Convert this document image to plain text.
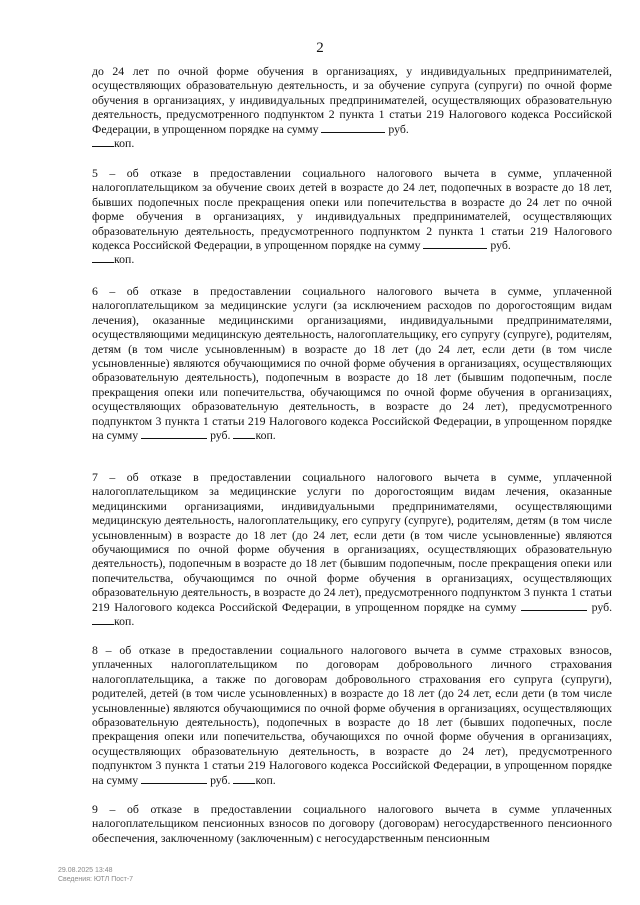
2

до 24 лет по очной форме обучения в организациях, у индивидуальных предпринимателей, осуществляющих образовательную деятельность, и за обучение супруга (супруги) по очной форме обучения в организациях, у индивидуальных предпринимателей, осуществляющих образовательную деятельность, предусмотренного подпунктом 2 пункта 1 статьи 219 Налогового кодекса Российской Федерации, в упрощенном порядке на сумму	руб.
коп.

5 – об отказе в предоставлении социального налогового вычета в сумме, уплаченной налогоплательщиком за обучение своих детей в возрасте до 24 лет, подопечных в возрасте до 18 лет, бывших подопечных после прекращения опеки или попечительства в возрасте до 24 лет по очной форме обучения в организациях, у индивидуальных предпринимателей, осуществляющих образовательную деятельность, предусмотренного подпунктом 2 пункта 1 статьи 219 Налогового кодекса Российской Федерации, в упрощенном порядке на сумму	руб.
коп.

6 – об отказе в предоставлении социального налогового вычета в сумме, уплаченной налогоплательщиком за медицинские услуги (за исключением расходов по дорогостоящим видам лечения), оказанные медицинскими организациями, индивидуальными предпринимателями, осуществляющими медицинскую деятельность, налогоплательщику, его супругу (супруге), родителям, детям (в том числе усыновленным) в возрасте до 18 лет (до 24 лет, если дети (в том числе усыновленные) являются обучающимися по очной форме обучения в организациях, осуществляющих образовательную деятельность), подопечным в возрасте до 18 лет (бывшим подопечным, после прекращения опеки или попечительства, обучающимся по очной форме обучения в организациях, осуществляющих образовательную деятельность, в возрасте до 24 лет), предусмотренного подпунктом 3 пункта 1 статьи 219 Налогового кодекса Российской Федерации, в упрощенном порядке на сумму	руб. коп.

7 – об отказе в предоставлении социального налогового вычета в сумме, уплаченной налогоплательщиком за медицинские услуги по дорогостоящим видам лечения, оказанные медицинскими организациями, индивидуальными предпринимателями, осуществляющими медицинскую деятельность, налогоплательщику, его супругу (супруге), родителям, детям (в том числе усыновленным) в возрасте до 18 лет (до 24 лет, если дети (в том числе усыновленные) являются обучающимися по очной форме обучения в организациях, осуществляющих образовательную деятельность), подопечным в возрасте до 18 лет (бывшим подопечным, после прекращения опеки или попечительства, обучающимся по очной форме обучения в организациях, осуществляющих образовательную деятельность, в возрасте до 24 лет), предусмотренного подпунктом 3 пункта 1 статьи 219 Налогового кодекса Российской Федерации, в упрощенном порядке на сумму	руб. коп.

8 – об отказе в предоставлении социального налогового вычета в сумме страховых взносов, уплаченных налогоплательщиком по договорам добровольного личного страхования налогоплательщика, а также по договорам добровольного страхования его супруга (супруги), родителей, детей (в том числе усыновленных) в возрасте до 18 лет (до 24 лет, если дети (в том числе усыновленные) являются обучающимися по очной форме обучения в организациях, осуществляющих образовательную деятельность), подопечных в возрасте до 18 лет (бывших подопечных, после прекращения опеки или попечительства, обучающихся по очной форме обучения в организациях, осуществляющих образовательную деятельность, в возрасте до 24 лет), предусмотренного подпунктом 3 пункта 1 статьи 219 Налогового кодекса Российской Федерации, в упрощенном порядке на сумму	руб. коп.

9 – об отказе в предоставлении социального налогового вычета в сумме уплаченных налогоплательщиком пенсионных взносов по договору (договорам) негосударственного пенсионного обеспечения, заключенному (заключенным) с негосударственным пенсионным

29.08.2025 13:48
Сведения: ЮТЛ Пост-7
